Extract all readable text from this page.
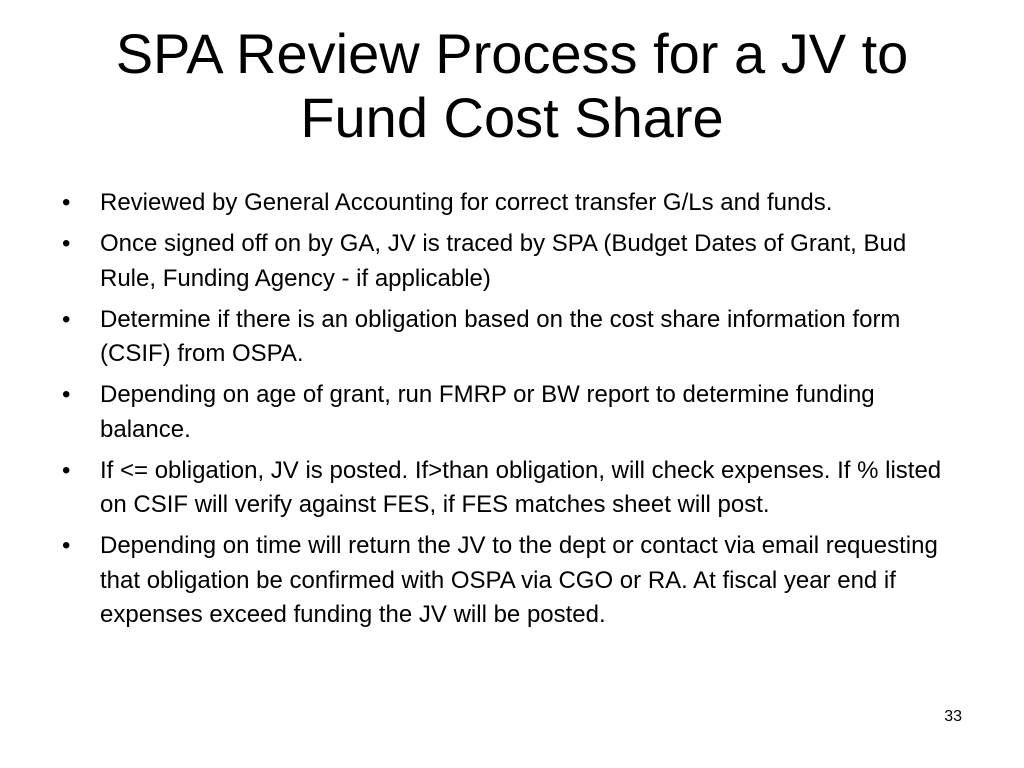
SPA Review Process for a JV to
Fund Cost Share
• Reviewed by General Accounting for correct transfer G/Ls and funds.
• Once signed off on by GA, JV is traced by SPA (Budget Dates of Grant, Bud Rule, Funding Agency - if applicable)
• Determine if there is an obligation based on the cost share information form (CSIF) from OSPA.
• Depending on age of grant, run FMRP or BW report to determine funding balance.
• If <= obligation, JV is posted. If>than obligation, will check expenses. If % listed on CSIF will verify against FES, if FES matches sheet will post.
• Depending on time will return the JV to the dept or contact via email requesting that obligation be confirmed with OSPA via CGO or RA. At fiscal year end if expenses exceed funding the JV will be posted.
33
